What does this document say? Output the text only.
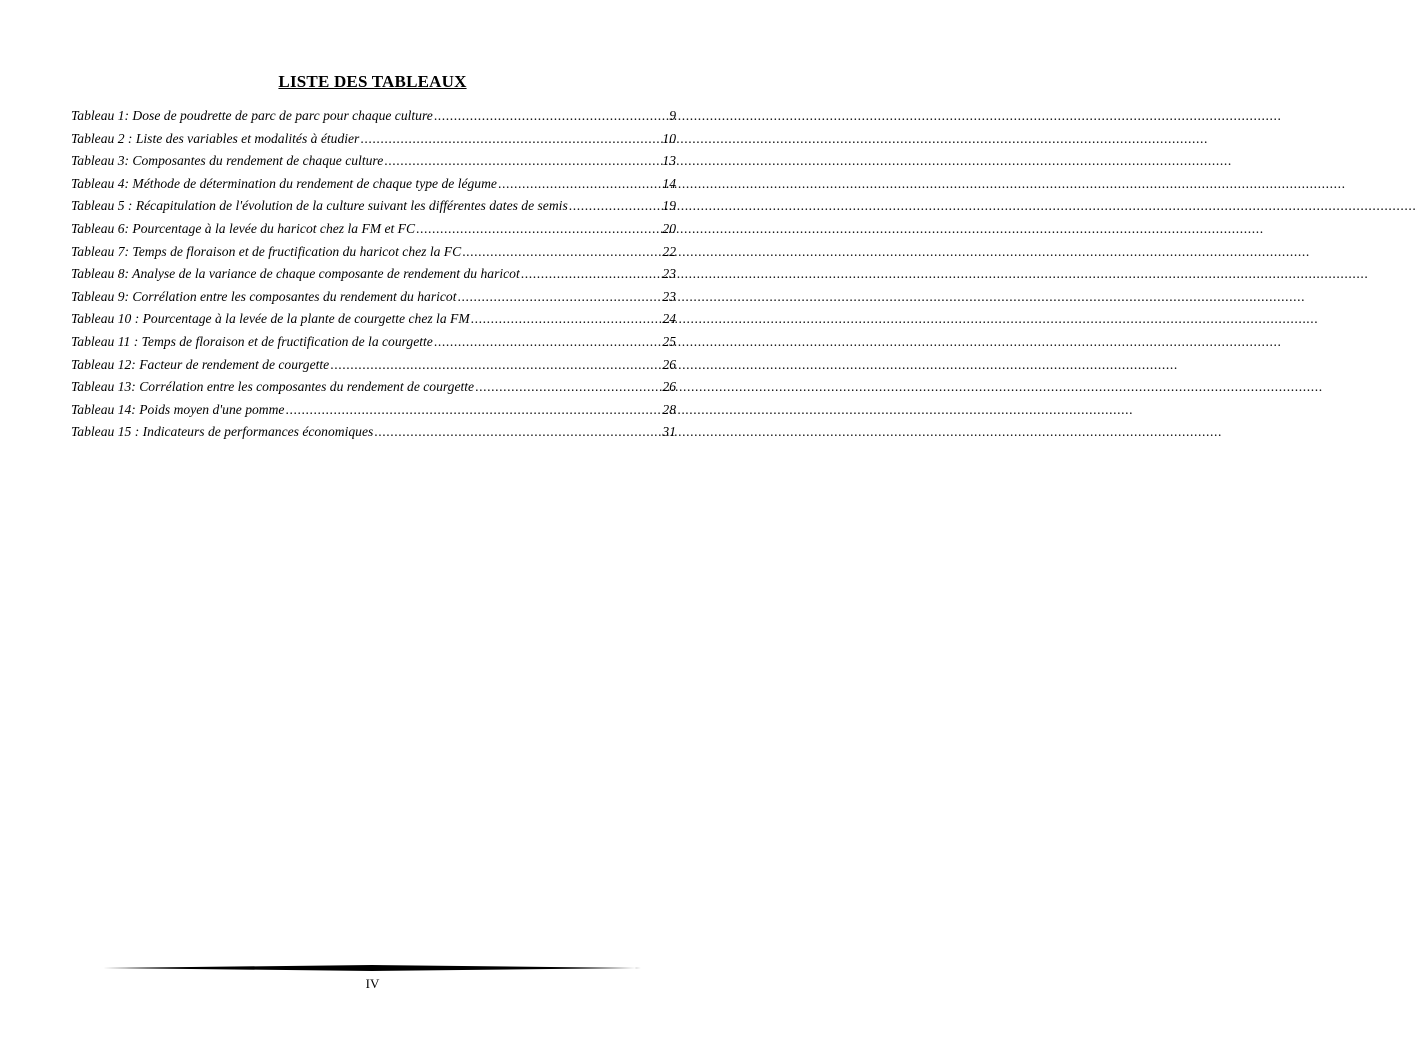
LISTE DES TABLEAUX
Tableau 1: Dose de poudrette de parc de parc pour chaque culture .....	9
Tableau 2 : Liste des variables et modalités à étudier .....	10
Tableau 3: Composantes du rendement de chaque culture .....	13
Tableau 4: Méthode de détermination du rendement de chaque type de légume .....	14
Tableau 5 : Récapitulation de l'évolution de la culture suivant les différentes dates de semis .....	19
Tableau 6: Pourcentage à la levée du haricot chez la FM et FC .....	20
Tableau 7: Temps de floraison et de fructification du haricot chez la FC .....	22
Tableau 8: Analyse de la variance de chaque composante de rendement du haricot .....	23
Tableau 9: Corrélation entre les composantes du rendement du haricot .....	23
Tableau 10 : Pourcentage à la levée de la plante de courgette chez la FM .....	24
Tableau 11 : Temps de floraison et de fructification de la courgette .....	25
Tableau 12: Facteur de rendement de courgette .....	26
Tableau 13: Corrélation entre les composantes du rendement de courgette .....	26
Tableau 14: Poids moyen d'une pomme .....	28
Tableau 15 : Indicateurs de performances économiques .....	31
IV
